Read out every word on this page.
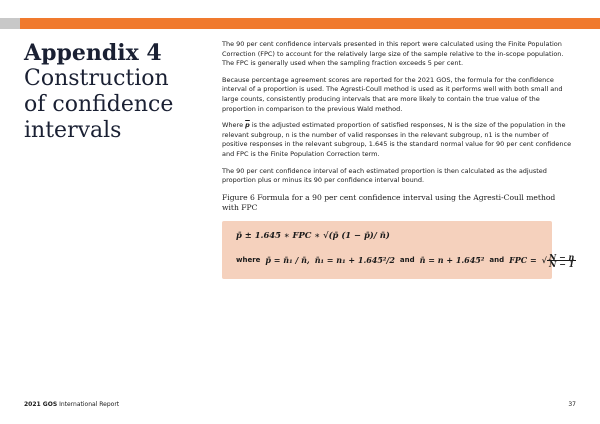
Appendix 4
Construction
of confidence
intervals

The 90 per cent confidence intervals presented in this report were calculated using the Finite Population Correction (FPC) to account for the relatively large size of the sample relative to the in-scope population. The FPC is generally used when the sampling fraction exceeds 5 per cent.

Because percentage agreement scores are reported for the 2021 GOS, the formula for the confidence interval of a proportion is used. The Agresti-Coull method is used as it performs well with both small and large counts, consistently producing intervals that are more likely to contain the true value of the proportion in comparison to the previous Wald method.

Where $\overline{p}$ is the adjusted estimated proportion of satisfied responses, N is the size of the population in the relevant subgroup, n is the number of valid responses in the relevant subgroup, n1 is the number of positive responses in the relevant subgroup, 1.645 is the standard normal value for 90 per cent confidence and FPC is the Finite Population Correction term.

The 90 per cent confidence interval of each estimated proportion is then calculated as the adjusted proportion plus or minus its 90 per confidence interval bound.

Figure 6 Formula for a 90 per cent confidence interval using the Agresti-Coull method with FPC
p̄ ± 1.645 ∗ FPC ∗ √(p̄ (1 − p̄)/ n̄)
where p̄ = n̄₁ / n̄, n̄₁ = n₁ + 1.645²/2 and n̄ = n + 1.645² and FPC = √ $\frac{N - n}{N - 1}$
2021 GOS International Report	37
